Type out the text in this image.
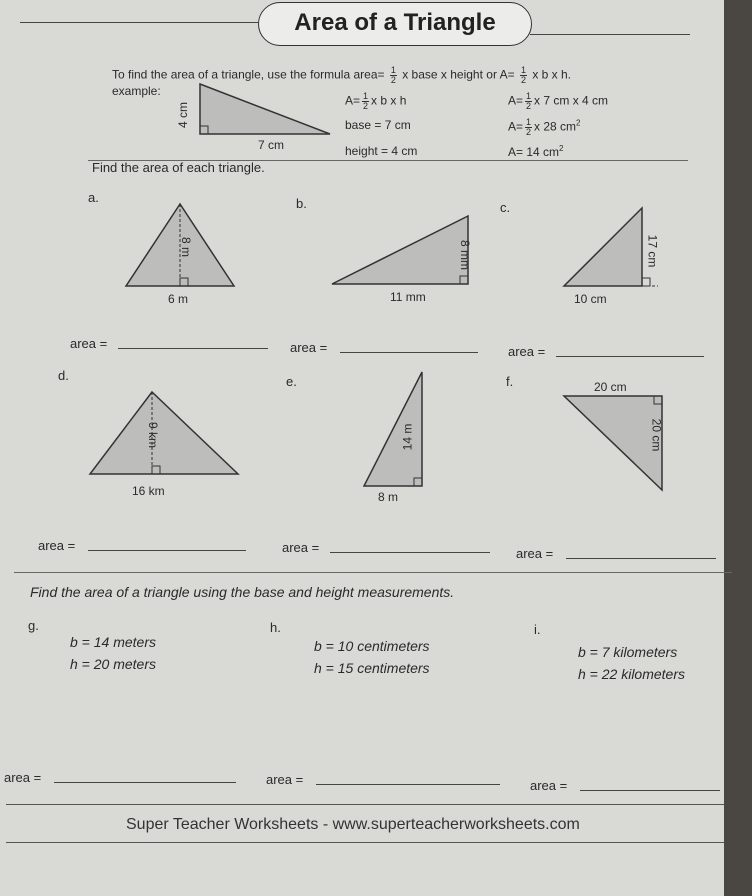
Area of a Triangle
To find the area of a triangle, use the formula area= $\frac{1}{2}$ x base x height or $A= \frac{1}{2}$ x b x h.
example:
4 cm
7 cm
$A= \frac{1}{2}$ x b x h
base = 7 cm
height = 4 cm
$A= \frac{1}{2}$ x 7 cm x 4 cm
$A= \frac{1}{2}$ x 28 $cm^2$
A= 14 $cm^2$
Find the area of each triangle.
a.
8 m
6 m
area =
b.
8 mm
11 mm
area =
c.
17 cm
10 cm
area =
d.
9 km
16 km
area =
e.
14 m
8 m
area =
f.	20 cm
20 cm
area =
Find the area of a triangle using the base and height measurements.
g.
b = 14 meters
h = 20 meters
h.
b = 10 centimeters
h = 15 centimeters
i.
b = 7 kilometers
h = 22 kilometers
area =	area =	area =
Super Teacher Worksheets - www.superteacherworksheets.com
